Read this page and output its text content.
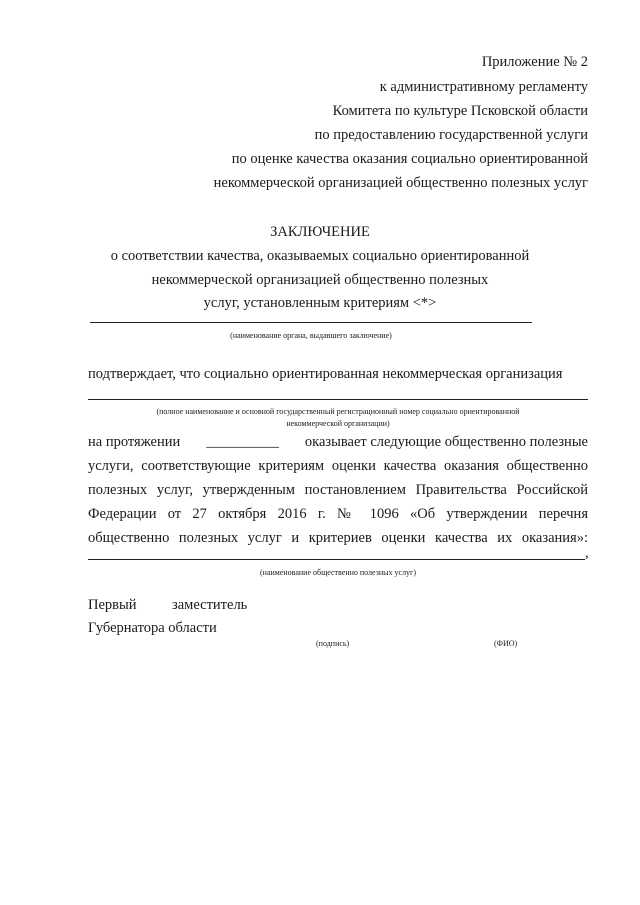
Приложение № 2
к административному регламенту
Комитета по культуре Псковской области
по предоставлению государственной услуги
по оценке качества оказания социально ориентированной
некоммерческой организацией общественно полезных услуг
ЗАКЛЮЧЕНИЕ
о соответствии качества, оказываемых социально ориентированной
некоммерческой организацией общественно полезных
услуг, установленным критериям <*>
(наименование органа, выдавшего заключение)
подтверждает, что социально ориентированная некоммерческая организация
(полное наименование и основной государственный регистрационный номер социально ориентированной
некоммерческой организации)
на протяжении __________ оказывает следующие общественно полезные
услуги, соответствующие критериям оценки качества оказания общественно
полезных услуг, утвержденным постановлением Правительства Российской
Федерации от 27 октября 2016 г. № 1096 «Об утверждении перечня
общественно полезных услуг и критериев оценки качества их оказания»:
,
(наименование общественно полезных услуг)
Первый заместитель
Губернатора области
(подпись)	(ФИО)
